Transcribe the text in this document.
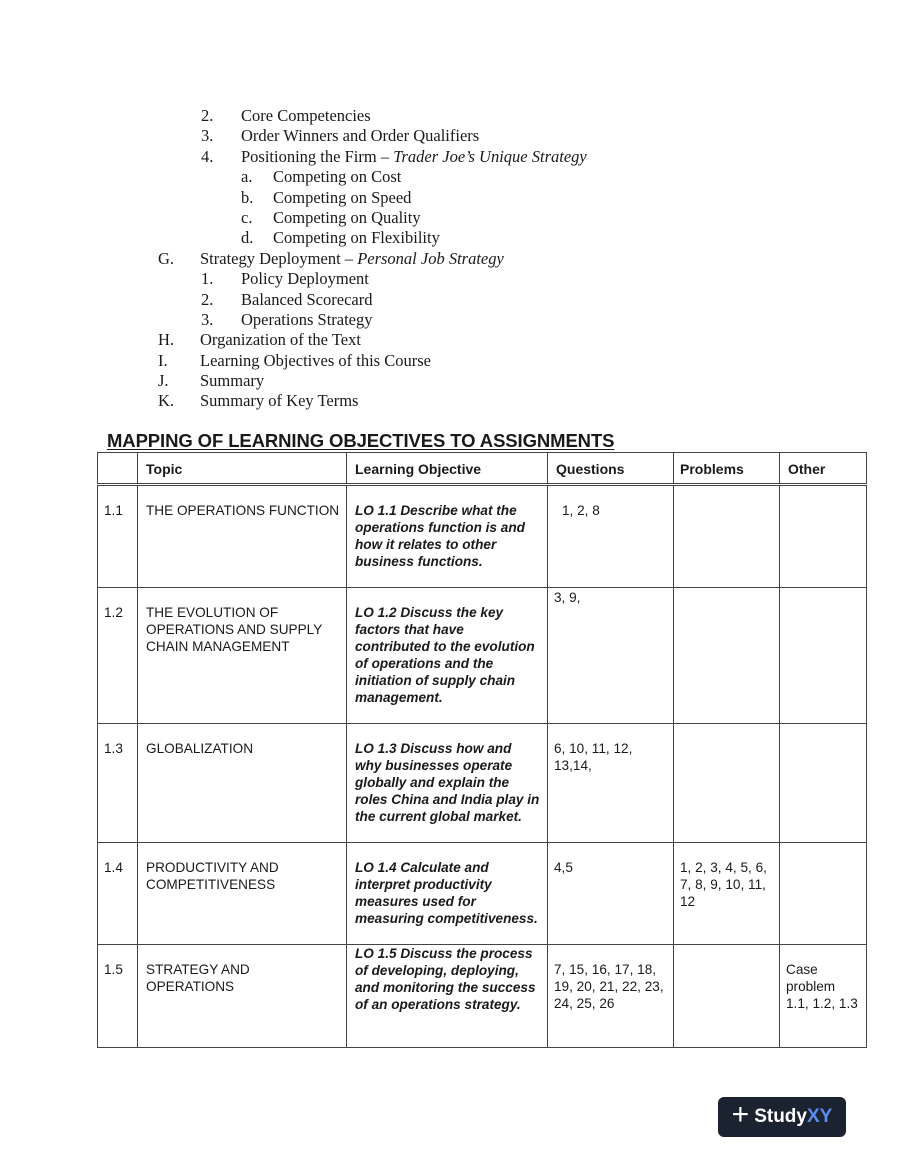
2. Core Competencies
3. Order Winners and Order Qualifiers
4. Positioning the Firm – Trader Joe’s Unique Strategy
a. Competing on Cost
b. Competing on Speed
c. Competing on Quality
d. Competing on Flexibility
G. Strategy Deployment – Personal Job Strategy
1. Policy Deployment
2. Balanced Scorecard
3. Operations Strategy
H. Organization of the Text
I. Learning Objectives of this Course
J. Summary
K. Summary of Key Terms
MAPPING OF LEARNING OBJECTIVES TO ASSIGNMENTS
	Topic	Learning Objective	Questions	Problems	Other
1.1	THE OPERATIONS FUNCTION	LO 1.1 Describe what the operations function is and how it relates to other business functions.	1, 2, 8		
1.2	THE EVOLUTION OF OPERATIONS AND SUPPLY CHAIN MANAGEMENT	LO 1.2 Discuss the key factors that have contributed to the evolution of operations and the initiation of supply chain management.	3, 9,		
1.3	GLOBALIZATION	LO 1.3 Discuss how and why businesses operate globally and explain the roles China and India play in the current global market.	6, 10, 11, 12, 13,14,		
1.4	PRODUCTIVITY AND COMPETITIVENESS	LO 1.4 Calculate and interpret productivity measures used for measuring competitiveness.	4,5	1, 2, 3, 4, 5, 6, 7, 8, 9, 10, 11, 12	
1.5	STRATEGY AND OPERATIONS	LO 1.5 Discuss the process of developing, deploying, and monitoring the success of an operations strategy.	7, 15, 16, 17, 18, 19, 20, 21, 22, 23, 24, 25, 26		Case problem 1.1, 1.2, 1.3
+ Study XY
